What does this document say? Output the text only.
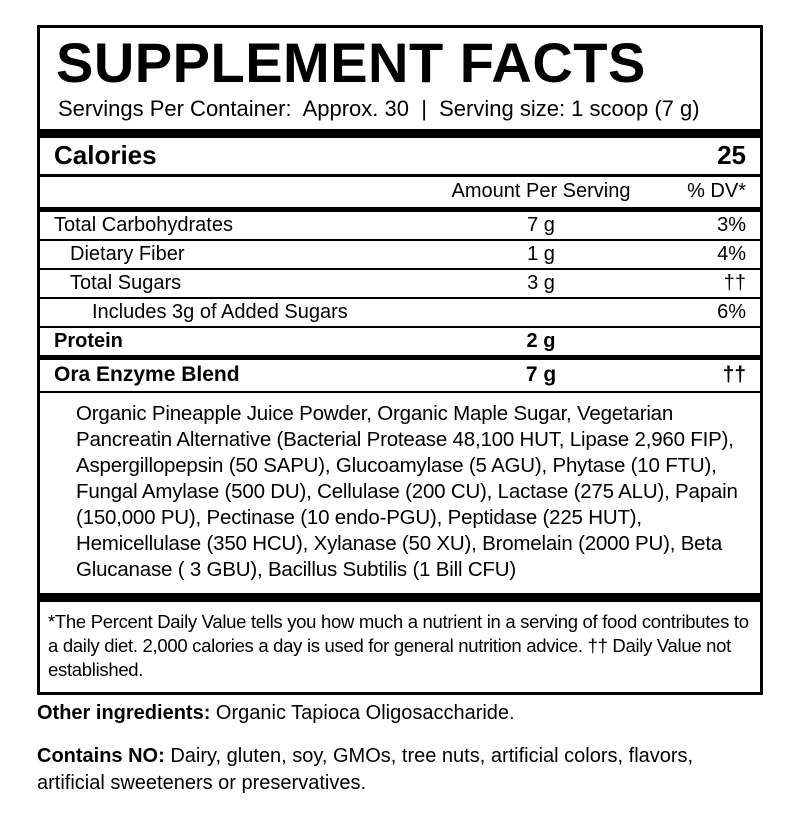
SUPPLEMENT FACTS
Servings Per Container:  Approx. 30  |  Serving size: 1 scoop (7 g)
Calories	25
Amount Per Serving	% DV*
Total Carbohydrates	7 g	3%
Dietary Fiber	1 g	4%
Total Sugars	3 g	††
Includes 3g of Added Sugars	6%
Protein	2 g
Ora Enzyme Blend	7 g	††
Organic Pineapple Juice Powder, Organic Maple Sugar, Vegetarian Pancreatin Alternative (Bacterial Protease 48,100 HUT, Lipase 2,960 FIP), Aspergillopepsin (50 SAPU), Glucoamylase (5 AGU), Phytase (10 FTU), Fungal Amylase (500 DU), Cellulase (200 CU), Lactase (275 ALU), Papain (150,000 PU), Pectinase (10 endo-PGU), Peptidase (225 HUT), Hemicellulase (350 HCU), Xylanase (50 XU), Bromelain (2000 PU), Beta Glucanase ( 3 GBU), Bacillus Subtilis (1 Bill CFU)
*The Percent Daily Value tells you how much a nutrient in a serving of food contributes to a daily diet. 2,000 calories a day is used for general nutrition advice. †† Daily Value not established.

Other ingredients: Organic Tapioca Oligosaccharide.

Contains NO: Dairy, gluten, soy, GMOs, tree nuts, artificial colors, flavors, artificial sweeteners or preservatives.
